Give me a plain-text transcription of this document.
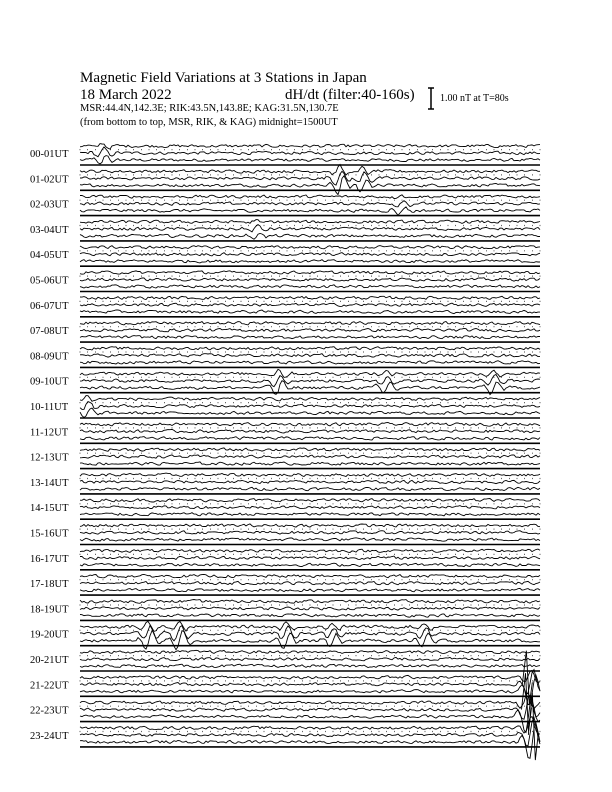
00-01UT
01-02UT
02-03UT
03-04UT
04-05UT
05-06UT
06-07UT
07-08UT
08-09UT
09-10UT
10-11UT
11-12UT
12-13UT
13-14UT
14-15UT
15-16UT
16-17UT
17-18UT
18-19UT
19-20UT
20-21UT
21-22UT
22-23UT
23-24UT
Magnetic Field Variations at 3 Stations in Japan
18 March 2022	dH/dt (filter:40-160s)
MSR:44.4N,142.3E; RIK:43.5N,143.8E; KAG:31.5N,130.7E
(from bottom to top, MSR, RIK, & KAG) midnight=1500UT
1.00 nT at T=80s
